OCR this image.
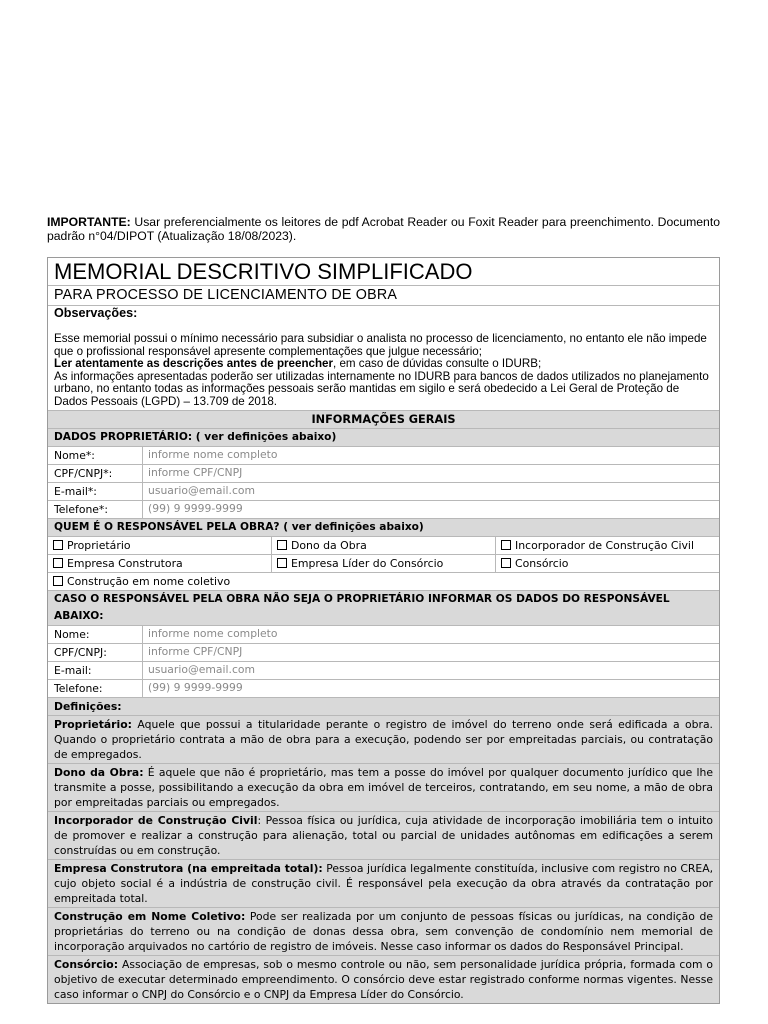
IMPORTANTE: Usar preferencialmente os leitores de pdf Acrobat Reader ou Foxit Reader para preenchimento. Documento padrão n°04/DIPOT (Atualização 18/08/2023).
MEMORIAL DESCRITIVO SIMPLIFICADO
PARA PROCESSO DE LICENCIAMENTO DE OBRA
Observações:

Esse memorial possui o mínimo necessário para subsidiar o analista no processo de licenciamento, no entanto ele não impede que o profissional responsável apresente complementações que julgue necessário;

Ler atentamente as descrições antes de preencher, em caso de dúvidas consulte o IDURB;

As informações apresentadas poderão ser utilizadas internamente no IDURB para bancos de dados utilizados no planejamento urbano, no entanto todas as informações pessoais serão mantidas em sigilo e será obedecido a Lei Geral de Proteção de Dados Pessoais (LGPD) – 13.709 de 2018.

INFORMAÇÕES GERAIS
DADOS PROPRIETÁRIO: ( ver definições abaixo)
Nome*:	informe nome completo
CPF/CNPJ*:	informe CPF/CNPJ
E-mail*:	usuario@email.com
Telefone*:	(99) 9 9999-9999
QUEM É O RESPONSÁVEL PELA OBRA? ( ver definições abaixo)
Proprietário	Dono da Obra	Incorporador de Construção Civil
Empresa Construtora	Empresa Líder do Consórcio	Consórcio
Construção em nome coletivo
CASO O RESPONSÁVEL PELA OBRA NÃO SEJA O PROPRIETÁRIO INFORMAR OS DADOS DO RESPONSÁVEL ABAIXO:
Nome:	informe nome completo
CPF/CNPJ:	informe CPF/CNPJ
E-mail:	usuario@email.com
Telefone:	(99) 9 9999-9999
Definições:
Proprietário: Aquele que possui a titularidade perante o registro de imóvel do terreno onde será edificada a obra. Quando o proprietário contrata a mão de obra para a execução, podendo ser por empreitadas parciais, ou contratação de empregados.
Dono da Obra: É aquele que não é proprietário, mas tem a posse do imóvel por qualquer documento jurídico que lhe transmite a posse, possibilitando a execução da obra em imóvel de terceiros, contratando, em seu nome, a mão de obra por empreitadas parciais ou empregados.
Incorporador de Construção Civil: Pessoa física ou jurídica, cuja atividade de incorporação imobiliária tem o intuito de promover e realizar a construção para alienação, total ou parcial de unidades autônomas em edificações a serem construídas ou em construção.
Empresa Construtora (na empreitada total): Pessoa jurídica legalmente constituída, inclusive com registro no CREA, cujo objeto social é a indústria de construção civil. É responsável pela execução da obra através da contratação por empreitada total.
Construção em Nome Coletivo: Pode ser realizada por um conjunto de pessoas físicas ou jurídicas, na condição de proprietárias do terreno ou na condição de donas dessa obra, sem convenção de condomínio nem memorial de incorporação arquivados no cartório de registro de imóveis. Nesse caso informar os dados do Responsável Principal.
Consórcio: Associação de empresas, sob o mesmo controle ou não, sem personalidade jurídica própria, formada com o objetivo de executar determinado empreendimento. O consórcio deve estar registrado conforme normas vigentes. Nesse caso informar o CNPJ do Consórcio e o CNPJ da Empresa Líder do Consórcio.
